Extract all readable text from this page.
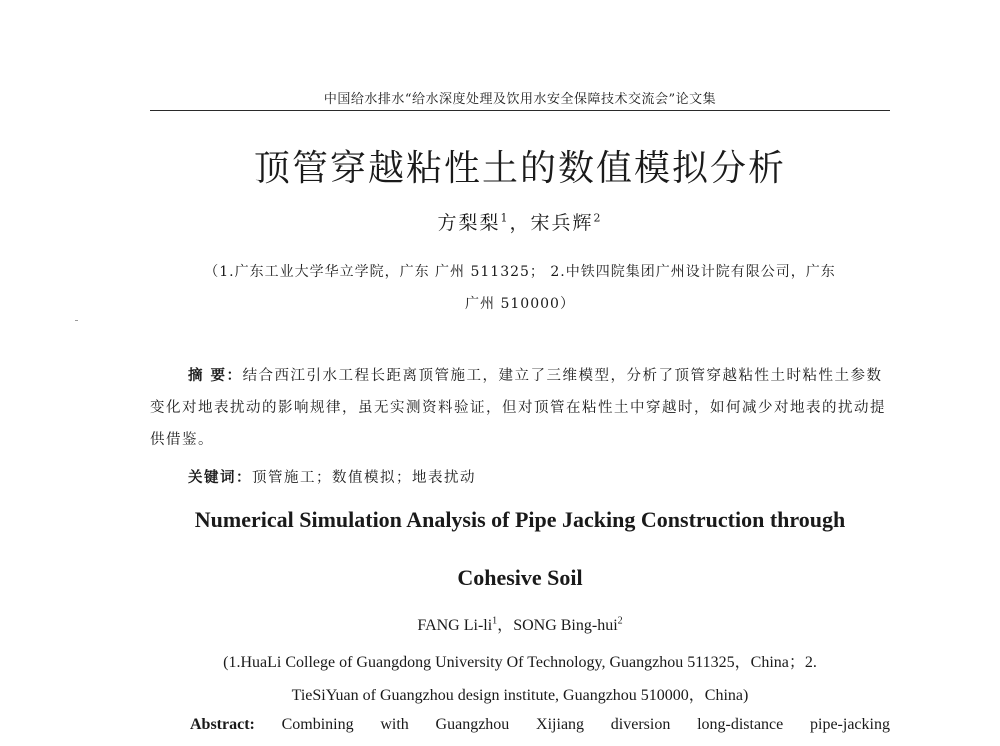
中国给水排水“给水深度处理及饮用水安全保障技术交流会”论文集
顶管穿越粘性土的数值模拟分析
方梨梨$^1$，宋兵辉$^2$
（1.广东工业大学华立学院，广东 广州 511325； 2.中铁四院集团广州设计院有限公司，广东
广州 510000）

摘 要：结合西江引水工程长距离顶管施工，建立了三维模型，分析了顶管穿越粘性土时粘性土参数变化对地表扰动的影响规律，虽无实测资料验证，但对顶管在粘性土中穿越时，如何减少对地表的扰动提供借鉴。

关键词：顶管施工；数值模拟；地表扰动
Numerical Simulation Analysis of Pipe Jacking Construction through
Cohesive Soil
FANG $Li-li^1$，SONG Bing-hui$^2$
(1.HuaLi College of Guangdong University Of Technology, Guangzhou 511325，China；2.
TieSiYuan of Guangzhou design institute, Guangzhou 510000，China)
Abstract: Combining with Guangzhou Xijiang diversion long-distance pipe-jacking
